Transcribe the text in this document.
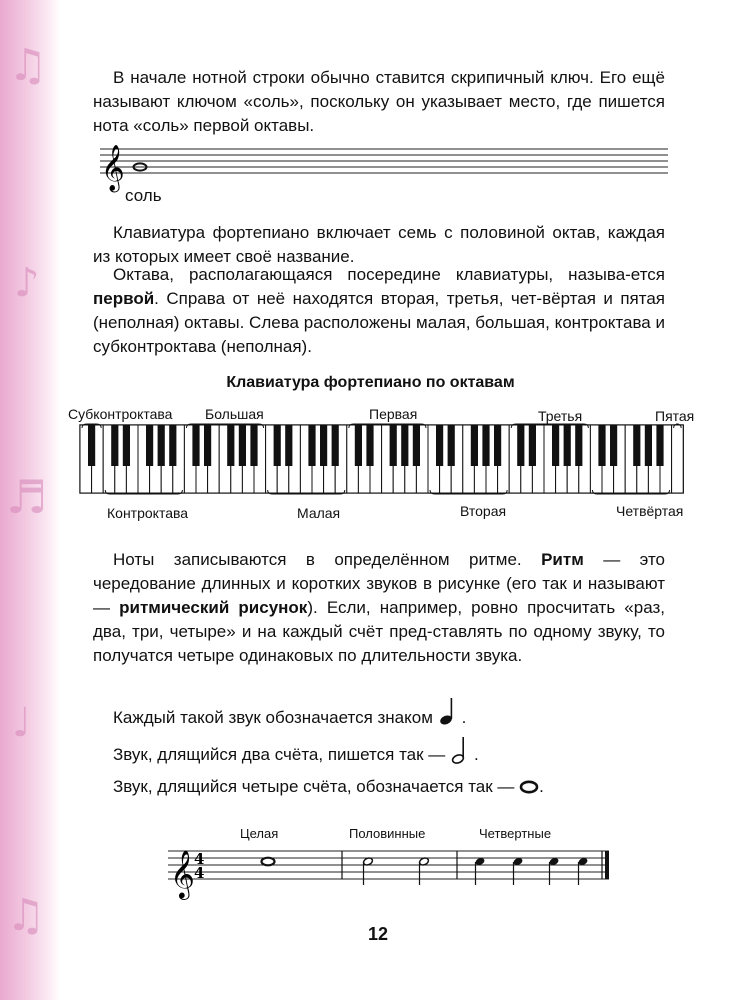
♫
♪
♬
♩
♫

В начале нотной строки обычно ставится скрипичный ключ. Его ещё называют ключом «соль», поскольку он указывает место, где пишется нота «соль» первой октавы.

𝄞
соль

Клавиатура фортепиано включает семь с половиной октав, каждая из которых имеет своё название.

Октава, располагающаяся посередине клавиатуры, называ-ется первой. Справа от неё находятся вторая, третья, чет-вёртая и пятая (неполная) октавы. Слева расположены малая, большая, контроктава и субконтроктава (неполная).

Клавиатура фортепиано по октавам
Субконтроктава Большая	Первая	Третья	Пятая
Контроктава	Малая	Вторая	Четвёртая

Ноты записываются в определённом ритме. Ритм — это чередование длинных и коротких звуков в рисунке (его так и называют — ритмический рисунок). Если, например, ровно просчитать «раз, два, три, четыре» и на каждый счёт пред-ставлять по одному звуку, то получатся четыре одинаковых по длительности звука.

Каждый такой звук обозначается знаком .
Звук, длящийся два счёта, пишется так — .
Звук, длящийся четыре счёта, обозначается так — .
Целая	Половинные	Четвертные
𝄞 4
4
12
